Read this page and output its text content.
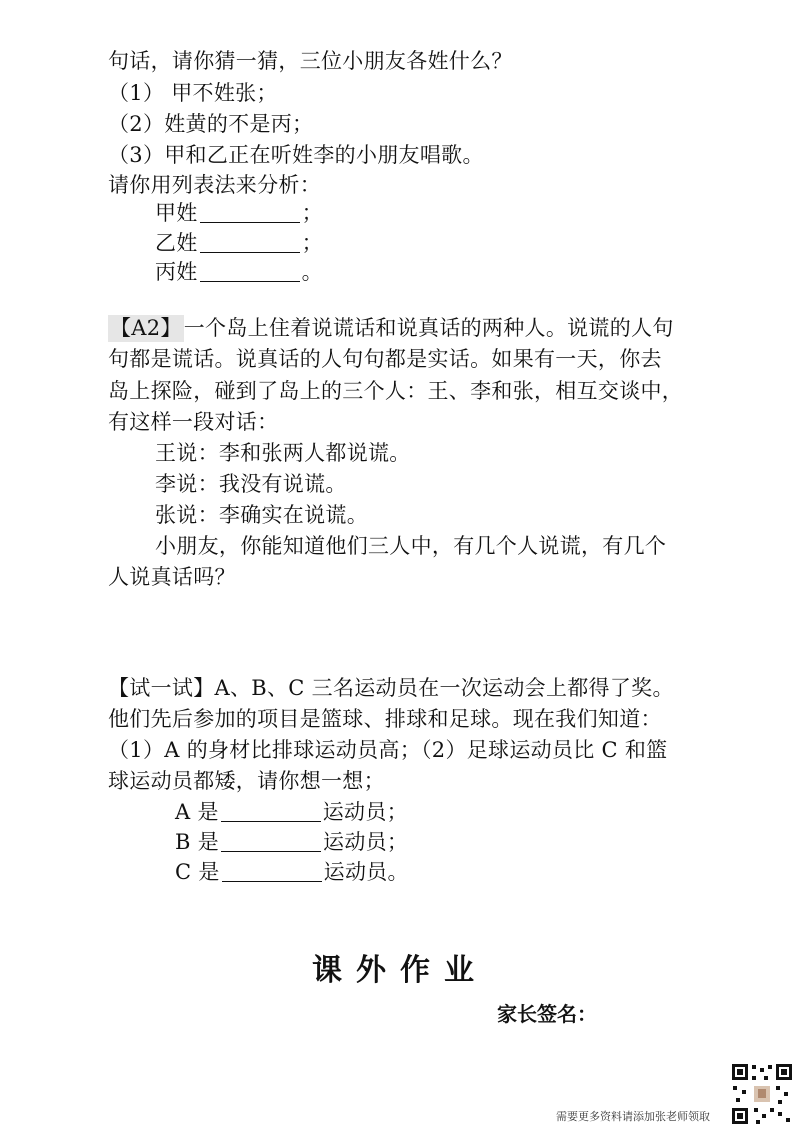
句话，请你猜一猜，三位小朋友各姓什么？
（1） 甲不姓张；
（2）姓黄的不是丙；
（3）甲和乙正在听姓李的小朋友唱歌。
请你用列表法来分析：
甲姓	；
乙姓	；
丙姓	。
【A2】一个岛上住着说谎话和说真话的两种人。说谎的人句
句都是谎话。说真话的人句句都是实话。如果有一天，你去
岛上探险，碰到了岛上的三个人：王、李和张，相互交谈中，
有这样一段对话：
王说：李和张两人都说谎。
李说：我没有说谎。
张说：李确实在说谎。
小朋友，你能知道他们三人中，有几个人说谎，有几个
人说真话吗？
【试一试】A、B、C 三名运动员在一次运动会上都得了奖。
他们先后参加的项目是篮球、排球和足球。现在我们知道：
（1）A 的身材比排球运动员高；（2）足球运动员比 C 和篮
球运动员都矮，请你想一想；
A 是	运动员；
B 是	运动员；
C 是	运动员。
课外作业
家长签名：
需要更多资料请添加张老师领取
